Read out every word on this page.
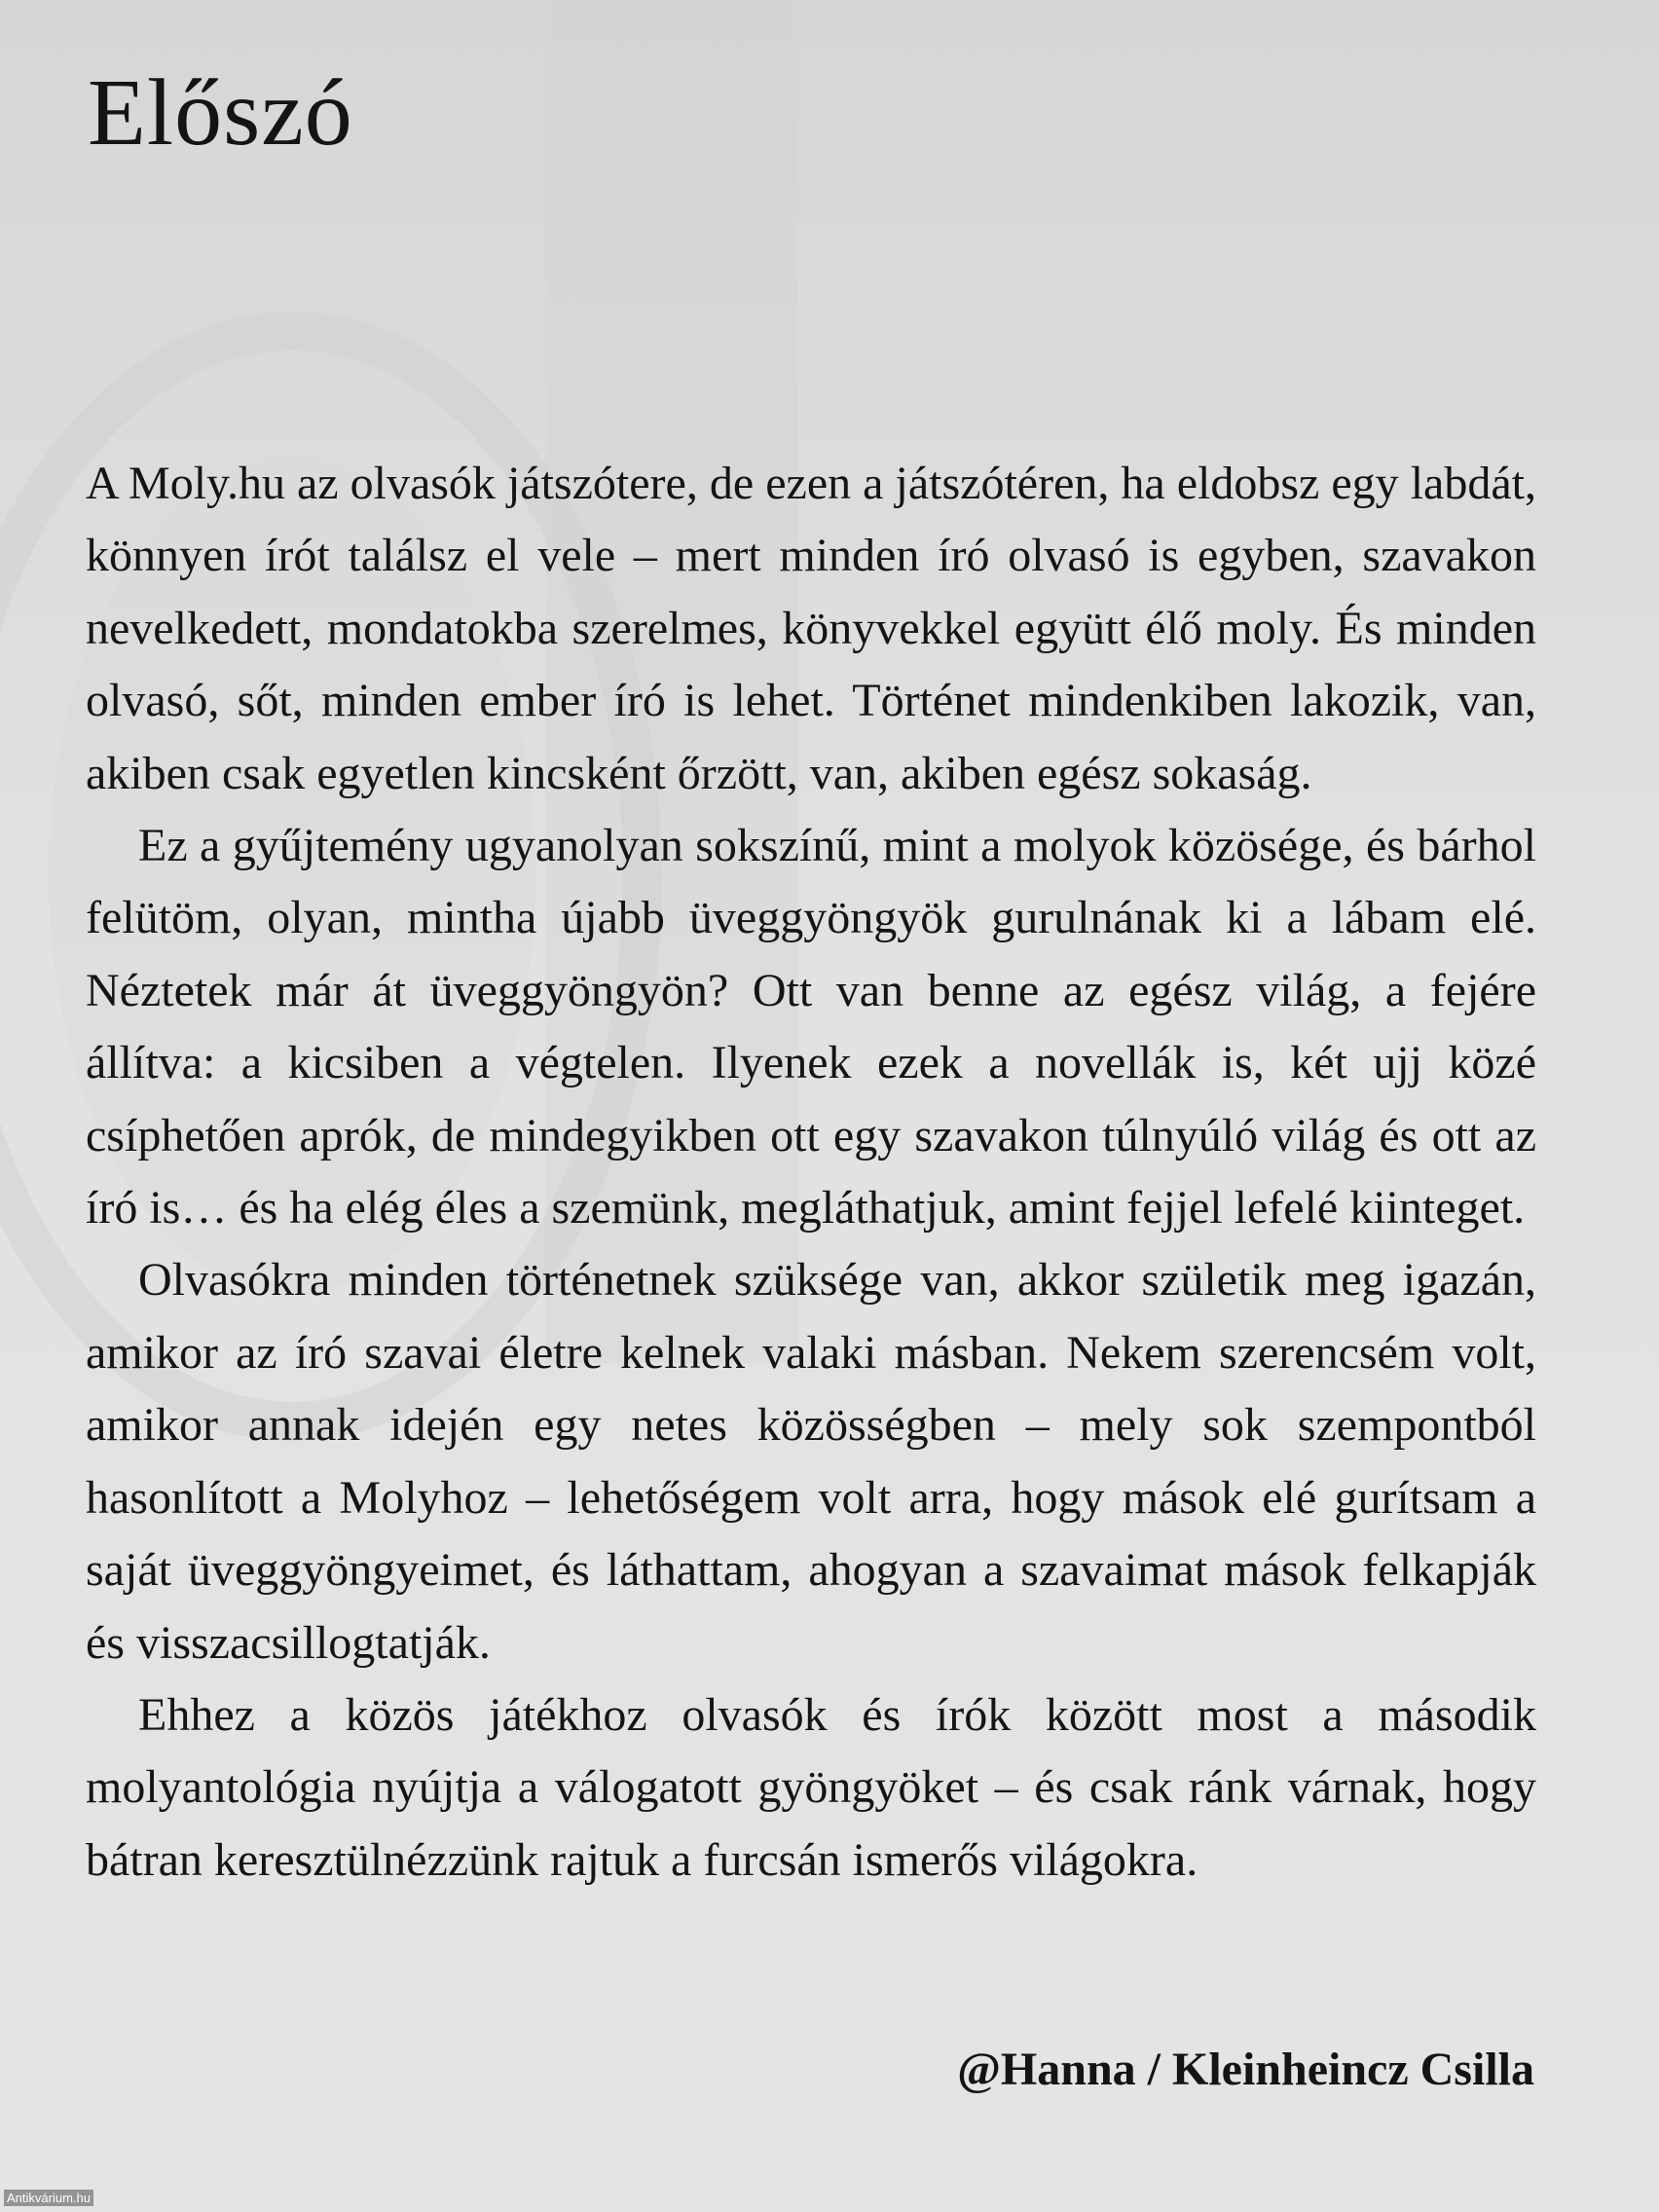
Előszó

A Moly.hu az olvasók játszótere, de ezen a játszótéren, ha eldobsz egy labdát, könnyen írót találsz el vele – mert minden író olvasó is egyben, szavakon nevelkedett, mondatokba szerelmes, könyvekkel együtt élő moly. És minden olvasó, sőt, minden ember író is lehet. Történet mindenkiben lakozik, van, akiben csak egyetlen kincsként őrzött, van, akiben egész sokaság.

Ez a gyűjtemény ugyanolyan sokszínű, mint a molyok közösége, és bárhol felütöm, olyan, mintha újabb üveggyöngyök gurulnának ki a lábam elé. Néztetek már át üveggyöngyön? Ott van benne az egész világ, a fejére állítva: a kicsiben a végtelen. Ilyenek ezek a novellák is, két ujj közé csíphetően aprók, de mindegyikben ott egy szavakon túlnyúló világ és ott az író is… és ha elég éles a szemünk, megláthatjuk, amint fejjel lefelé kiinteget.

Olvasókra minden történetnek szüksége van, akkor születik meg igazán, amikor az író szavai életre kelnek valaki másban. Nekem szerencsém volt, amikor annak idején egy netes közösségben – mely sok szempontból hasonlított a Molyhoz – lehetőségem volt arra, hogy mások elé gurítsam a saját üveggyöngyeimet, és láthattam, ahogyan a szavaimat mások felkapják és visszacsillogtatják.

Ehhez a közös játékhoz olvasók és írók között most a második molyantológia nyújtja a válogatott gyöngyöket – és csak ránk várnak, hogy bátran keresztülnézzünk rajtuk a furcsán ismerős világokra.

@Hanna / Kleinheincz Csilla
Antikvárium.hu
